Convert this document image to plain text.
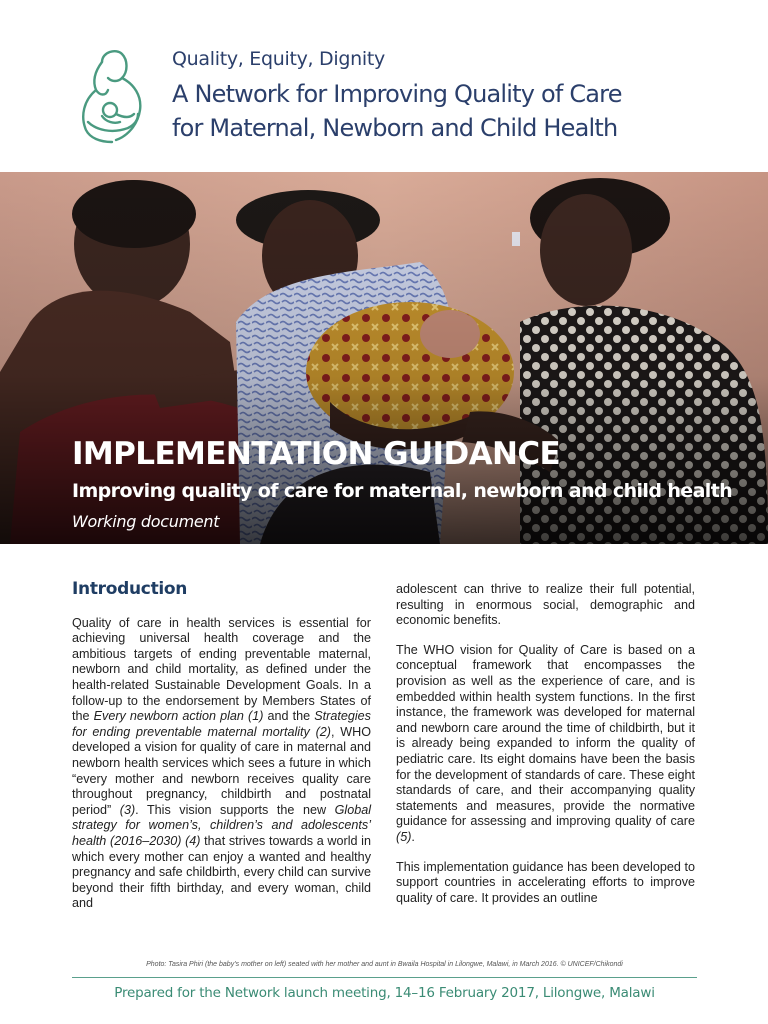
Quality, Equity, Dignity
A Network for Improving Quality of Care
for Maternal, Newborn and Child Health
IMPLEMENTATION GUIDANCE
Improving quality of care for maternal, newborn and child health
Working document
Introduction

Quality of care in health services is essential for achieving universal health coverage and the ambitious targets of ending preventable maternal, newborn and child mortality, as defined under the health-related Sustainable Development Goals. In a follow-up to the endorsement by Members States of the Every newborn action plan (1) and the Strategies for ending preventable maternal mortality (2), WHO developed a vision for quality of care in maternal and newborn health services which sees a future in which “every mother and newborn receives quality care throughout pregnancy, childbirth and postnatal period” (3). This vision supports the new Global strategy for women’s, children’s and adolescents’ health (2016–2030) (4) that strives towards a world in which every mother can enjoy a wanted and healthy pregnancy and safe childbirth, every child can survive beyond their fifth birthday, and every woman, child and

adolescent can thrive to realize their full potential, resulting in enormous social, demographic and economic benefits.

The WHO vision for Quality of Care is based on a conceptual framework that encompasses the provision as well as the experience of care, and is embedded within health system functions. In the first instance, the framework was developed for maternal and newborn care around the time of childbirth, but it is already being expanded to inform the quality of pediatric care. Its eight domains have been the basis for the development of standards of care. These eight standards of care, and their accompanying quality statements and measures, provide the normative guidance for assessing and improving quality of care (5).

This implementation guidance has been developed to support countries in accelerating efforts to improve quality of care. It provides an outline

Photo: Tasira Phiri (the baby’s mother on left) seated with her mother and aunt in Bwaila Hospital in Lilongwe, Malawi, in March 2016. © UNICEF/Chikondi
Prepared for the Network launch meeting, 14–16 February 2017, Lilongwe, Malawi
